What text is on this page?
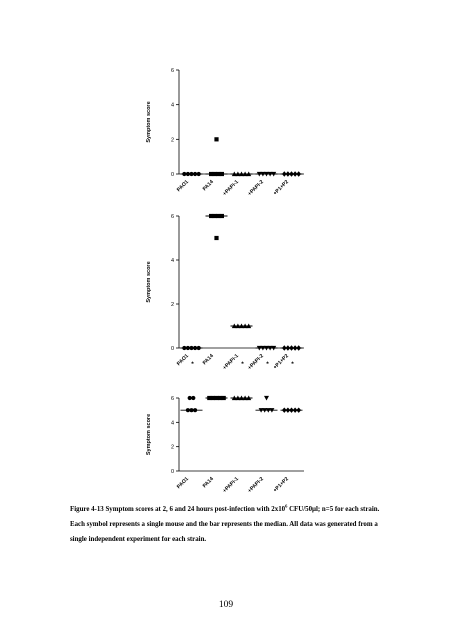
0
2
4
6
Symptom score
PAO1 PA14 +PAPi-1 +PAPI-2 +P1+P2
0
2
4
6
Symptom score
PAO1 * PA14 +PAPi-1 * +PAPI-2 * +P1+P2 *
0
2
4
6
Symptom score
PAO1 PA14 +PAPi-1 +PAPI-2 +P1+P2

Figure 4-13 Symptom scores at 2, 6 and 24 hours post-infection with $2x10^6$ CFU/50µl; n=5 for each strain. Each symbol represents a single mouse and the bar represents the median. All data was generated from a single independent experiment for each strain.

109
